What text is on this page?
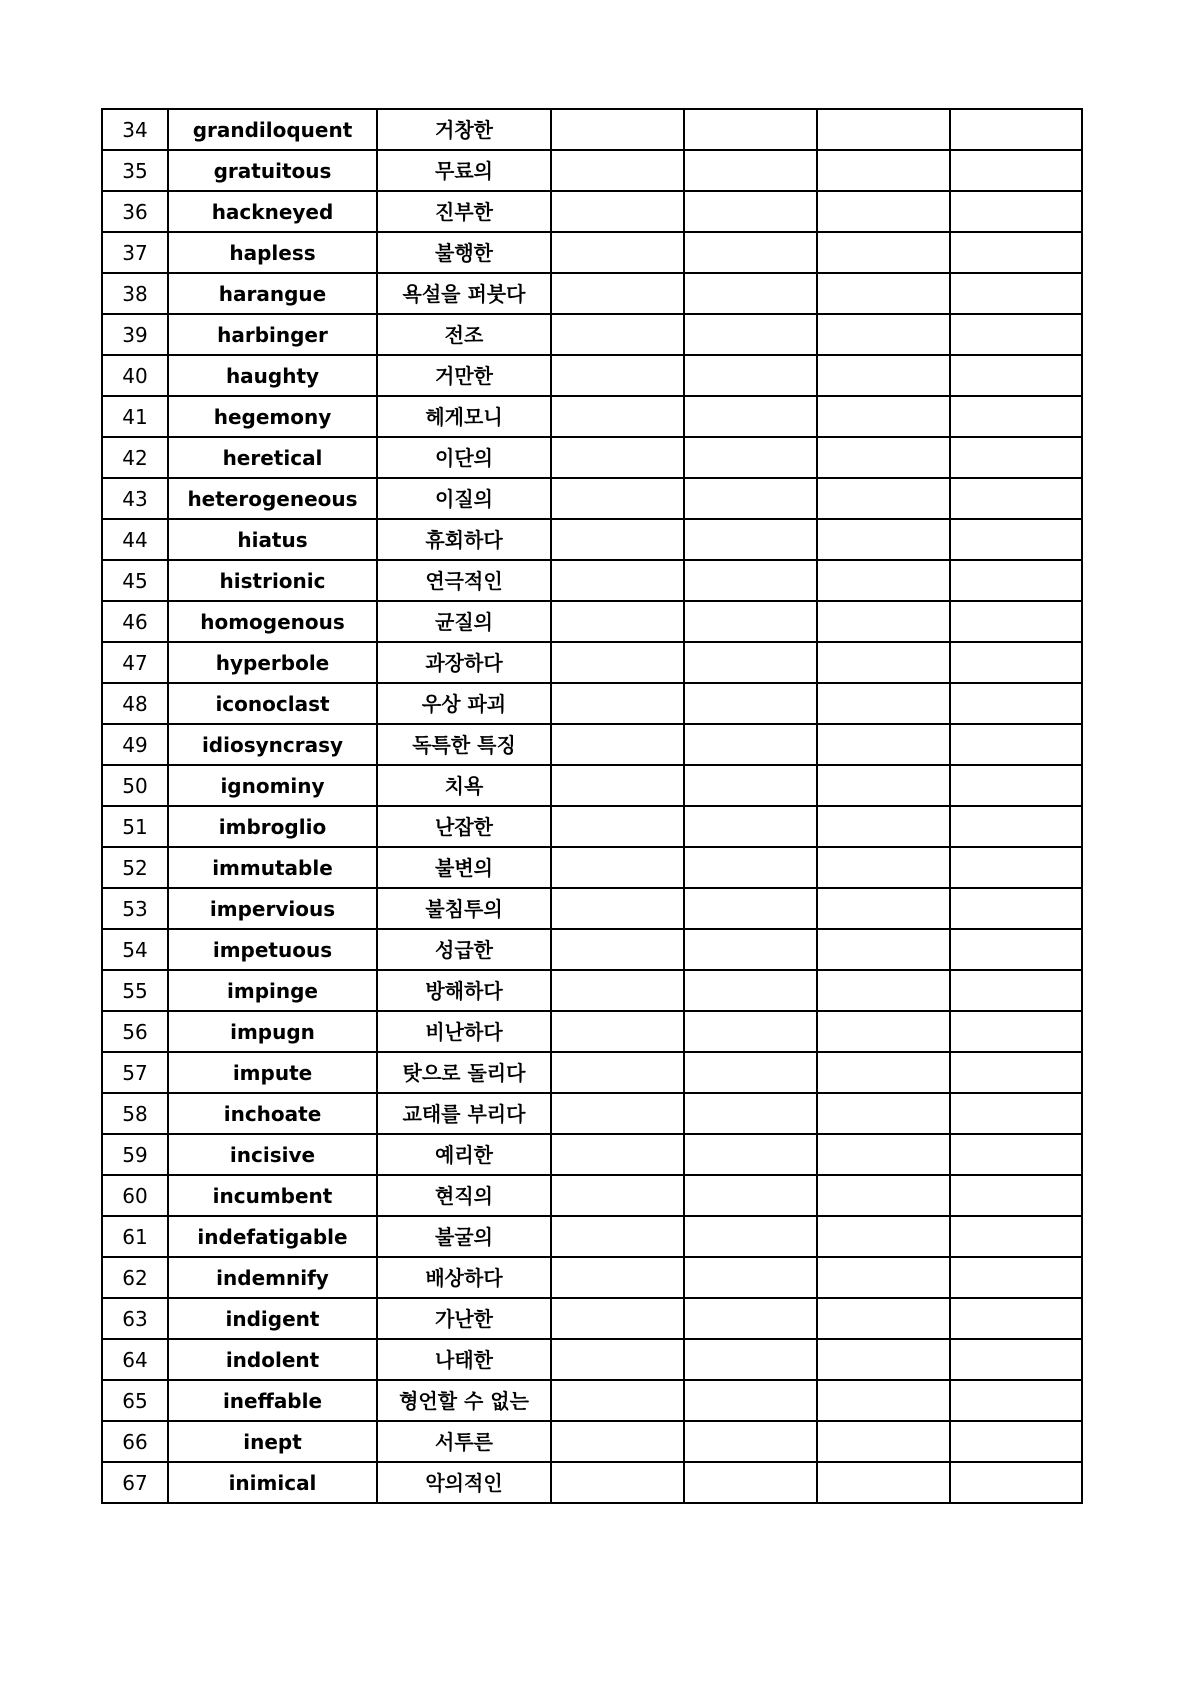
34	grandiloquent	거창한				
35	gratuitous	무료의				
36	hackneyed	진부한				
37	hapless	불행한				
38	harangue	욕설을 퍼붓다				
39	harbinger	전조				
40	haughty	거만한				
41	hegemony	헤게모니				
42	heretical	이단의				
43	heterogeneous	이질의				
44	hiatus	휴회하다				
45	histrionic	연극적인				
46	homogenous	균질의				
47	hyperbole	과장하다				
48	iconoclast	우상 파괴				
49	idiosyncrasy	독특한 특징				
50	ignominy	치욕				
51	imbroglio	난잡한				
52	immutable	불변의				
53	impervious	불침투의				
54	impetuous	성급한				
55	impinge	방해하다				
56	impugn	비난하다				
57	impute	탓으로 돌리다				
58	inchoate	교태를 부리다				
59	incisive	예리한				
60	incumbent	현직의				
61	indefatigable	불굴의				
62	indemnify	배상하다				
63	indigent	가난한				
64	indolent	나태한				
65	ineffable	형언할 수 없는				
66	inept	서투른				
67	inimical	악의적인				
